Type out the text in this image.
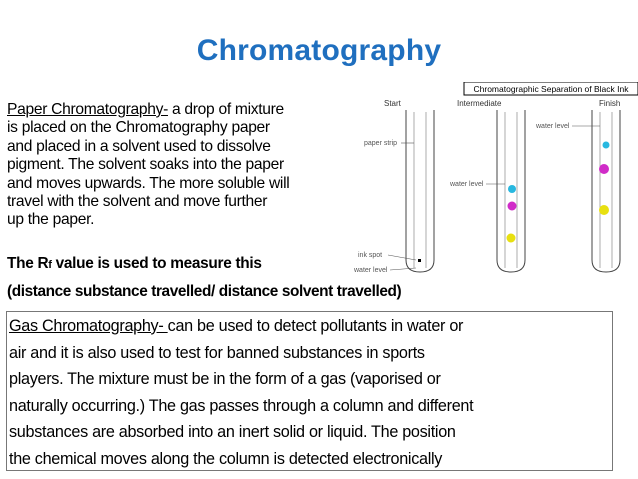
Chromatography
Paper Chromatography- a drop of mixture
is placed on the Chromatography paper
and placed in a solvent used to dissolve
pigment. The solvent soaks into the paper
and moves upwards. The more soluble will
travel with the solvent and move further
up the paper.
The Rf value is used to measure this
(distance substance travelled/ distance solvent travelled)
Gas Chromatography- can be used to detect pollutants in water or
air and it is also used to test for banned substances in sports
players. The mixture must be in the form of a gas (vaporised or
naturally occurring.) The gas passes through a column and different
substances are absorbed into an inert solid or liquid. The position
the chemical moves along the column is detected electronically
Chromatographic Separation of Black Ink
Start	Intermediate	Finish
paper strip
water level
water level
ink spot
water level
